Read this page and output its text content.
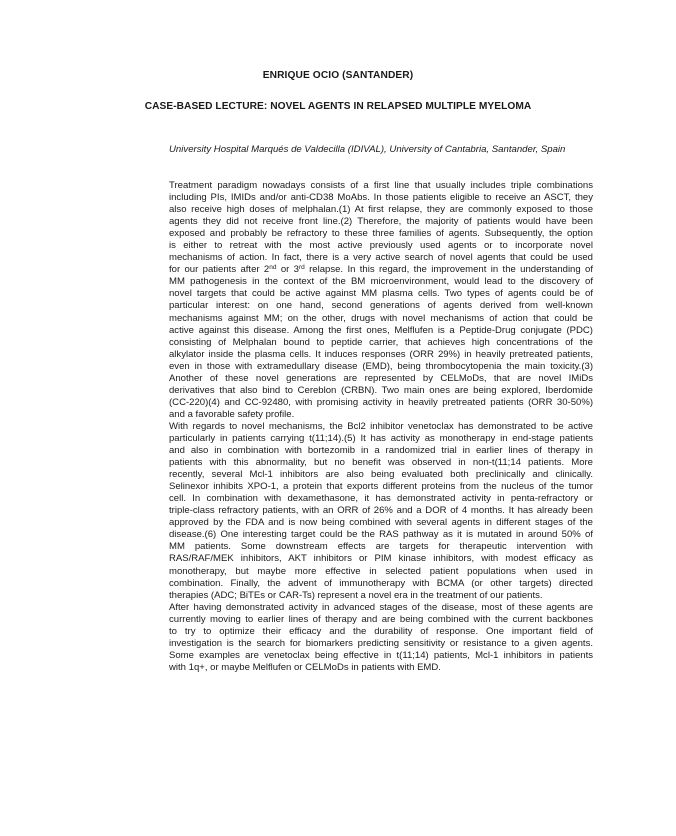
ENRIQUE OCIO (SANTANDER)
CASE-BASED LECTURE: NOVEL AGENTS IN RELAPSED MULTIPLE MYELOMA
University Hospital Marqués de Valdecilla (IDIVAL), University of Cantabria, Santander, Spain
Treatment paradigm nowadays consists of a first line that usually includes triple combinations
including PIs, IMIDs and/or anti-CD38 MoAbs. In those patients eligible to receive an ASCT, they
also receive high doses of melphalan.(1) At first relapse, they are commonly exposed to those
agents they did not receive front line.(2) Therefore, the majority of patients would have been
exposed and probably be refractory to these three families of agents. Subsequently, the option
is either to retreat with the most active previously used agents or to incorporate novel
mechanisms of action. In fact, there is a very active search of novel agents that could be used
for our patients after 2nd or 3rd relapse. In this regard, the improvement in the understanding of
MM pathogenesis in the context of the BM microenvironment, would lead to the discovery of
novel targets that could be active against MM plasma cells. Two types of agents could be of
particular interest: on one hand, second generations of agents derived from well-known
mechanisms against MM; on the other, drugs with novel mechanisms of action that could be
active against this disease. Among the first ones, Melflufen is a Peptide-Drug conjugate (PDC)
consisting of Melphalan bound to peptide carrier, that achieves high concentrations of the
alkylator inside the plasma cells. It induces responses (ORR 29%) in heavily pretreated patients,
even in those with extramedullary disease (EMD), being thrombocytopenia the main toxicity.(3)
Another of these novel generations are represented by CELMoDs, that are novel IMiDs
derivatives that also bind to Cereblon (CRBN). Two main ones are being explored, Iberdomide
(CC-220)(4) and CC-92480, with promising activity in heavily pretreated patients (ORR 30-50%)
and a favorable safety profile.
With regards to novel mechanisms, the Bcl2 inhibitor venetoclax has demonstrated to be active
particularly in patients carrying t(11;14).(5) It has activity as monotherapy in end-stage patients
and also in combination with bortezomib in a randomized trial in earlier lines of therapy in
patients with this abnormality, but no benefit was observed in non-t(11;14 patients. More
recently, several Mcl-1 inhibitors are also being evaluated both preclinically and clinically.
Selinexor inhibits XPO-1, a protein that exports different proteins from the nucleus of the tumor
cell. In combination with dexamethasone, it has demonstrated activity in penta-refractory or
triple-class refractory patients, with an ORR of 26% and a DOR of 4 months. It has already been
approved by the FDA and is now being combined with several agents in different stages of the
disease.(6) One interesting target could be the RAS pathway as it is mutated in around 50% of
MM patients. Some downstream effects are targets for therapeutic intervention with
RAS/RAF/MEK inhibitors, AKT inhibitors or PIM kinase inhibitors, with modest efficacy as
monotherapy, but maybe more effective in selected patient populations when used in
combination. Finally, the advent of immunotherapy with BCMA (or other targets) directed
therapies (ADC; BiTEs or CAR-Ts) represent a novel era in the treatment of our patients.
After having demonstrated activity in advanced stages of the disease, most of these agents are
currently moving to earlier lines of therapy and are being combined with the current backbones
to try to optimize their efficacy and the durability of response. One important field of
investigation is the search for biomarkers predicting sensitivity or resistance to a given agents.
Some examples are venetoclax being effective in t(11;14) patients, Mcl-1 inhibitors in patients
with 1q+, or maybe Melflufen or CELMoDs in patients with EMD.
